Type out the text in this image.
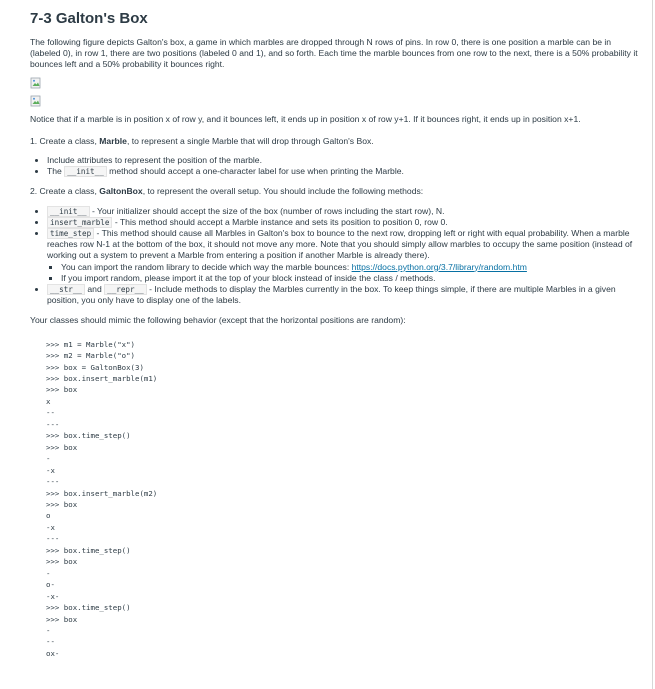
7-3 Galton's Box

The following figure depicts Galton's box, a game in which marbles are dropped through N rows of pins. In row 0, there is one position a marble can be in (labeled 0), in row 1, there are two positions (labeled 0 and 1), and so forth. Each time the marble bounces from one row to the next, there is a 50% probability it bounces left and a 50% probability it bounces right.

Notice that if a marble is in position x of row y, and it bounces left, it ends up in position x of row y+1. If it bounces right, it ends up in position x+1.

1. Create a class, Marble, to represent a single Marble that will drop through Galton's Box.

• Include attributes to represent the position of the marble.
• The __init__ method should accept a one-character label for use when printing the Marble.

2. Create a class, GaltonBox, to represent the overall setup. You should include the following methods:

• __init__ - Your initializer should accept the size of the box (number of rows including the start row), N.
• insert_marble - This method should accept a Marble instance and sets its position to position 0, row 0.
• time_step - This method should cause all Marbles in Galton's box to bounce to the next row, dropping left or right with equal probability. When a marble reaches row N-1 at the bottom of the box, it should not move any more. Note that you should simply allow marbles to occupy the same position (instead of working out a system to prevent a Marble from entering a position if another Marble is already there).
▪ You can import the random library to decide which way the marble bounces: https://docs.python.org/3.7/library/random.htm
▪ If you import random, please import it at the top of your block instead of inside the class / methods.
• __str__ and __repr__ - Include methods to display the Marbles currently in the box. To keep things simple, if there are multiple Marbles in a given position, you only have to display one of the labels.

Your classes should mimic the following behavior (except that the horizontal positions are random):

>>> m1 = Marble("x")
>>> m2 = Marble("o")
>>> box = GaltonBox(3)
>>> box.insert_marble(m1)
>>> box
x
--
---
>>> box.time_step()
>>> box
-
-x
---
>>> box.insert_marble(m2)
>>> box
o
-x
---
>>> box.time_step()
>>> box
-
o-
-x-
>>> box.time_step()
>>> box
-
--
ox-
